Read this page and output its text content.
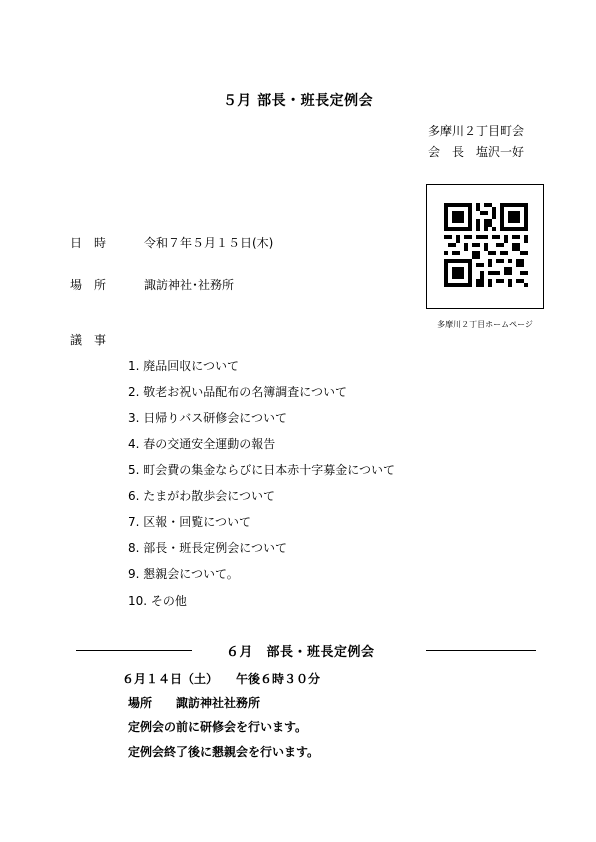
５月 部長・班長定例会
多摩川２丁目町会
会　長　塩沢一好
多摩川２丁目ホームページ
日　時	令和７年５月１５日(木)
場　所	諏訪神社･社務所
議　事
1. 廃品回収について
2. 敬老お祝い品配布の名簿調査について
3. 日帰りバス研修会について
4. 春の交通安全運動の報告
5. 町会費の集金ならびに日本赤十字募金について
6. たまがわ散歩会について
7. 区報・回覧について
8. 部長・班長定例会について
9. 懇親会について。
10. その他
６月　部長・班長定例会
６月１４日（土）　　午後６時３０分
場所　　諏訪神社社務所
定例会の前に研修会を行います。
定例会終了後に懇親会を行います。
